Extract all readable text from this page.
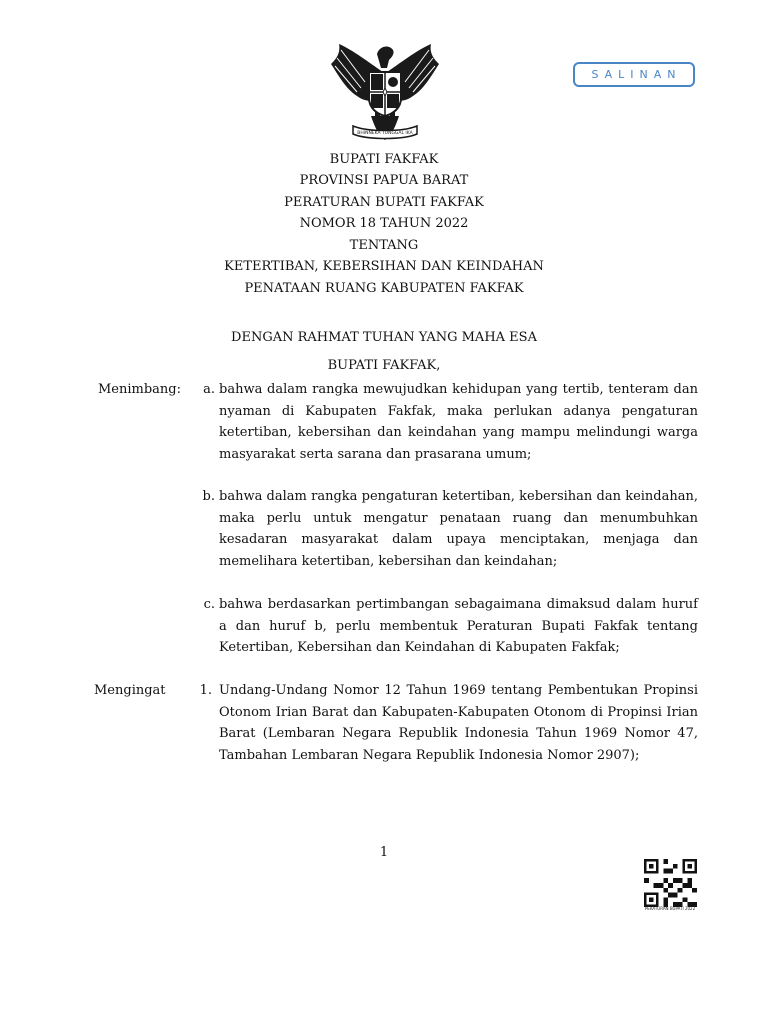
BHINNEKA TUNGGAL IKA
SALINAN
BUPATI FAKFAK
PROVINSI PAPUA BARAT
PERATURAN BUPATI FAKFAK
NOMOR 18 TAHUN 2022
TENTANG
KETERTIBAN, KEBERSIHAN DAN KEINDAHAN
PENATAAN RUANG KABUPATEN FAKFAK
DENGAN RAHMAT TUHAN YANG MAHA ESA
BUPATI FAKFAK,
Menimbang:	a. bahwa dalam rangka mewujudkan kehidupan yang tertib, tenteram dan nyaman di Kabupaten Fakfak, maka perlukan adanya pengaturan ketertiban, kebersihan dan keindahan yang mampu melindungi warga masyarakat serta sarana dan prasarana umum;
b. bahwa dalam rangka pengaturan ketertiban, kebersihan dan keindahan, maka perlu untuk mengatur penataan ruang dan menumbuhkan kesadaran masyarakat dalam upaya menciptakan, menjaga dan memelihara ketertiban, kebersihan dan keindahan;
c. bahwa berdasarkan pertimbangan sebagaimana dimaksud dalam huruf a dan huruf b, perlu membentuk Peraturan Bupati Fakfak tentang Ketertiban, Kebersihan dan Keindahan di Kabupaten Fakfak;
Mengingat	1. Undang-Undang Nomor 12 Tahun 1969 tentang Pembentukan Propinsi Otonom Irian Barat dan Kabupaten-Kabupaten Otonom di Propinsi Irian Barat (Lembaran Negara Republik Indonesia Tahun 1969 Nomor 47, Tambahan Lembaran Negara Republik Indonesia Nomor 2907);
1
PERATURAN BUPATI 2022
